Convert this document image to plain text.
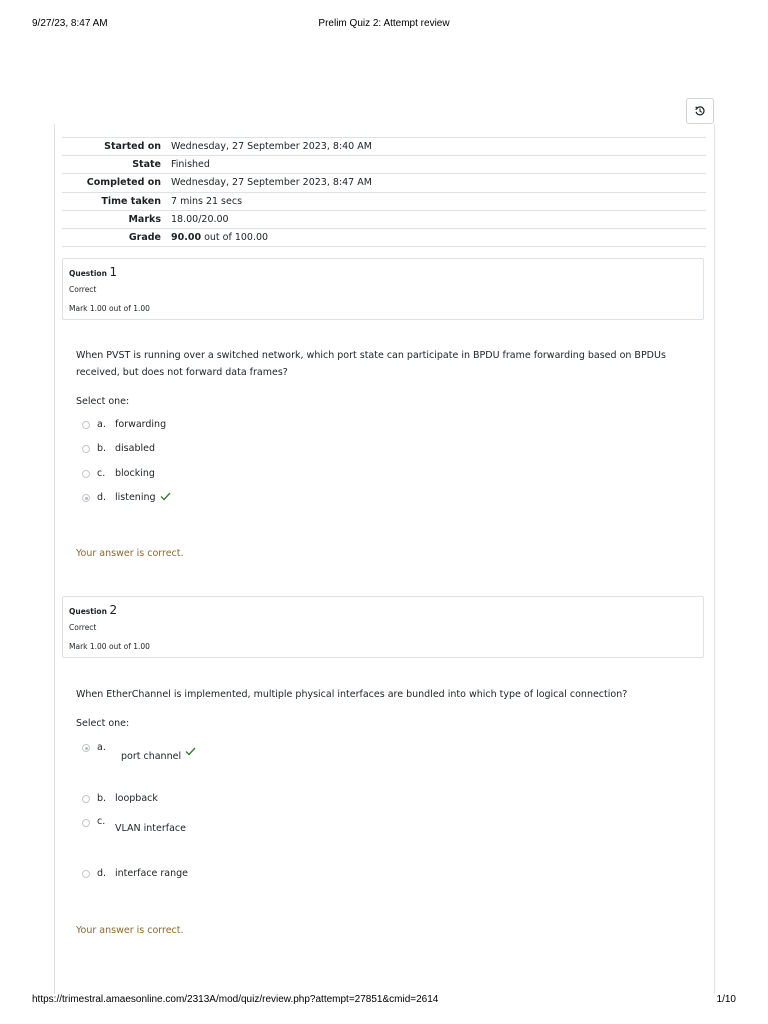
9/27/23, 8:47 AM	Prelim Quiz 2: Attempt review
Started on	Wednesday, 27 September 2023, 8:40 AM
State	Finished
Completed on	Wednesday, 27 September 2023, 8:47 AM
Time taken	7 mins 21 secs
Marks	18.00/20.00
Grade	90.00 out of 100.00
Question 1
Correct
Mark 1.00 out of 1.00
When PVST is running over a switched network, which port state can participate in BPDU frame forwarding based on BPDUs received, but does not forward data frames?
Select one:
a. forwarding
b. disabled
c. blocking
d. listening
Your answer is correct.
Question 2
Correct
Mark 1.00 out of 1.00
When EtherChannel is implemented, multiple physical interfaces are bundled into which type of logical connection?
Select one:
a.
port channel
b. loopback
c.
VLAN interface
d. interface range
Your answer is correct.
https://trimestral.amaesonline.com/2313A/mod/quiz/review.php?attempt=27851&cmid=2614	1/10
